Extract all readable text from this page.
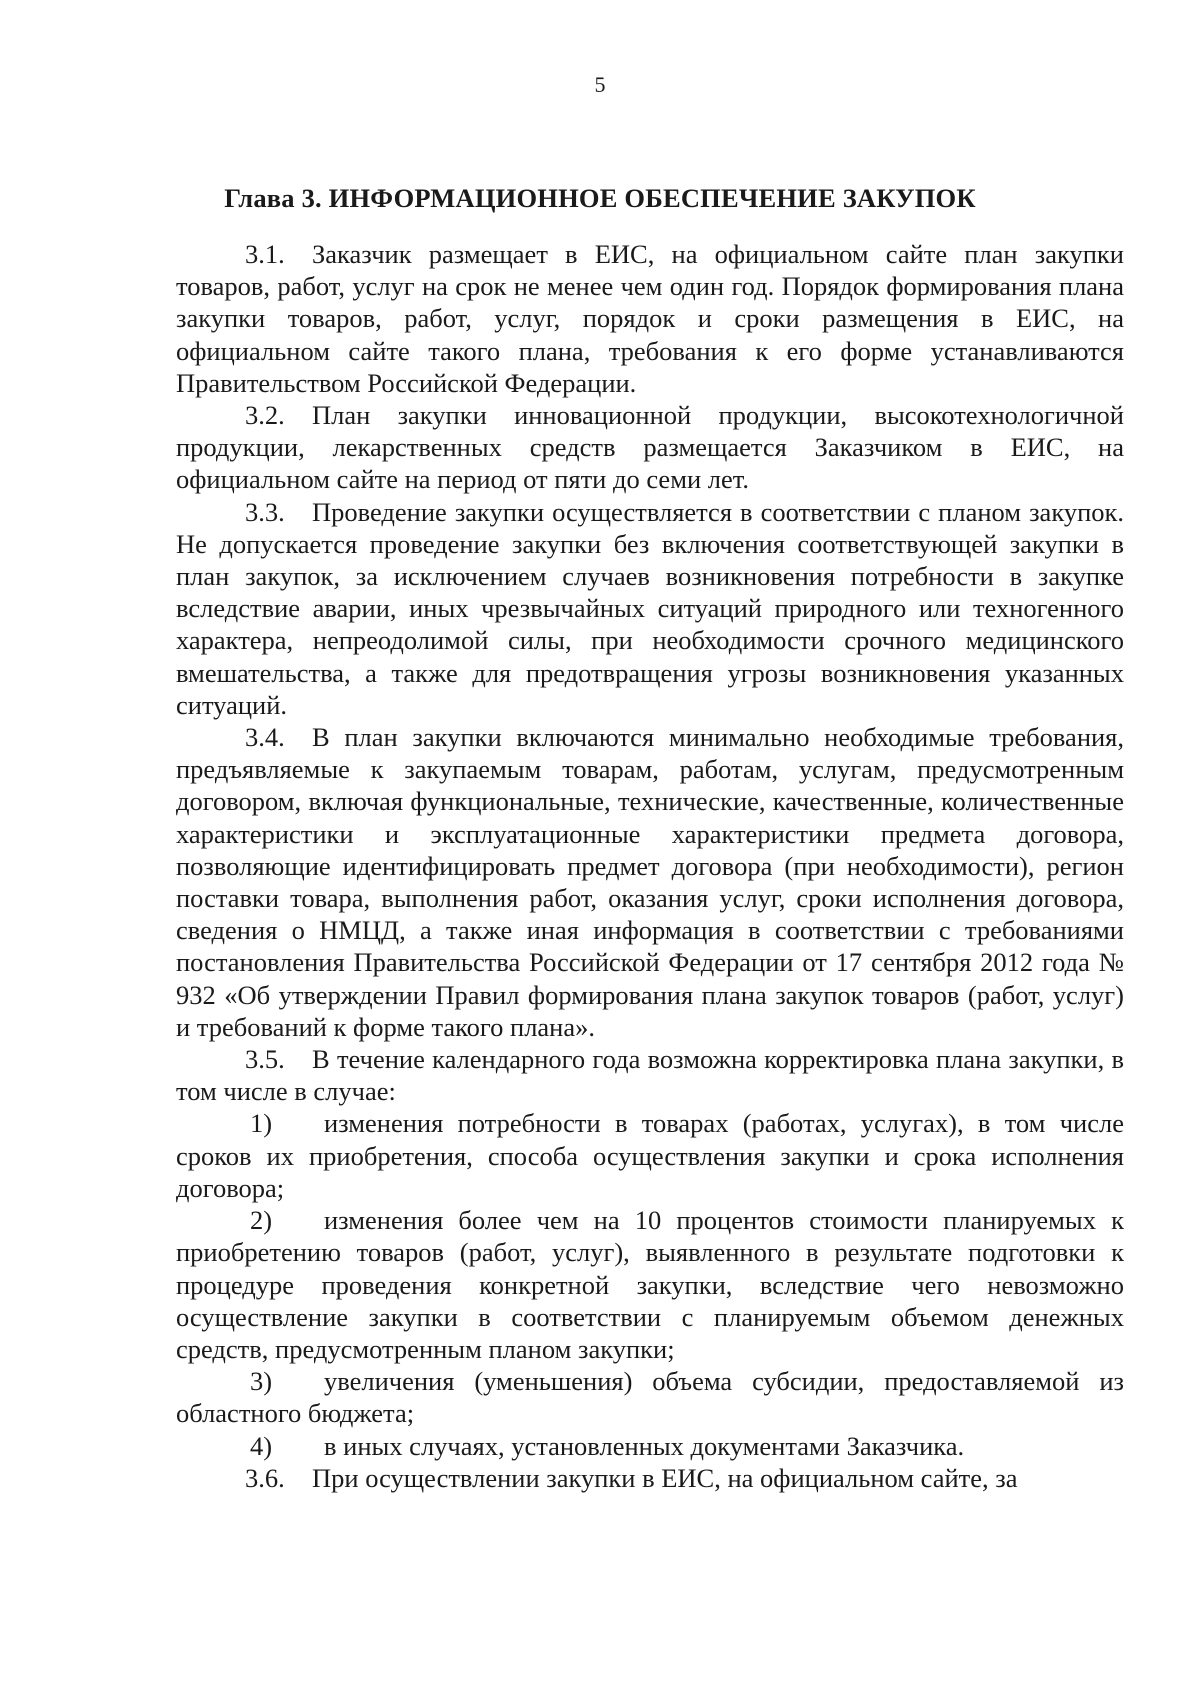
5
Глава 3. ИНФОРМАЦИОННОЕ ОБЕСПЕЧЕНИЕ ЗАКУПОК

3.1. Заказчик размещает в ЕИС, на официальном сайте план закупки товаров, работ, услуг на срок не менее чем один год. Порядок формирования плана закупки товаров, работ, услуг, порядок и сроки размещения в ЕИС, на официальном сайте такого плана, требования к его форме устанавливаются Правительством Российской Федерации.

3.2. План закупки инновационной продукции, высокотехнологичной продукции, лекарственных средств размещается Заказчиком в ЕИС, на официальном сайте на период от пяти до семи лет.

3.3. Проведение закупки осуществляется в соответствии с планом закупок. Не допускается проведение закупки без включения соответствующей закупки в план закупок, за исключением случаев возникновения потребности в закупке вследствие аварии, иных чрезвычайных ситуаций природного или техногенного характера, непреодолимой силы, при необходимости срочного медицинского вмешательства, а также для предотвращения угрозы возникновения указанных ситуаций.

3.4. В план закупки включаются минимально необходимые требования, предъявляемые к закупаемым товарам, работам, услугам, предусмотренным договором, включая функциональные, технические, качественные, количественные характеристики и эксплуатационные характеристики предмета договора, позволяющие идентифицировать предмет договора (при необходимости), регион поставки товара, выполнения работ, оказания услуг, сроки исполнения договора, сведения о НМЦД, а также иная информация в соответствии с требованиями постановления Правительства Российской Федерации от 17 сентября 2012 года № 932 «Об утверждении Правил формирования плана закупок товаров (работ, услуг) и требований к форме такого плана».

3.5. В течение календарного года возможна корректировка плана закупки, в том числе в случае:

1) изменения потребности в товарах (работах, услугах), в том числе сроков их приобретения, способа осуществления закупки и срока исполнения договора;

2) изменения более чем на 10 процентов стоимости планируемых к приобретению товаров (работ, услуг), выявленного в результате подготовки к процедуре проведения конкретной закупки, вследствие чего невозможно осуществление закупки в соответствии с планируемым объемом денежных средств, предусмотренным планом закупки;

3) увеличения (уменьшения) объема субсидии, предоставляемой из областного бюджета;

4) в иных случаях, установленных документами Заказчика.

3.6. При осуществлении закупки в ЕИС, на официальном сайте, за
